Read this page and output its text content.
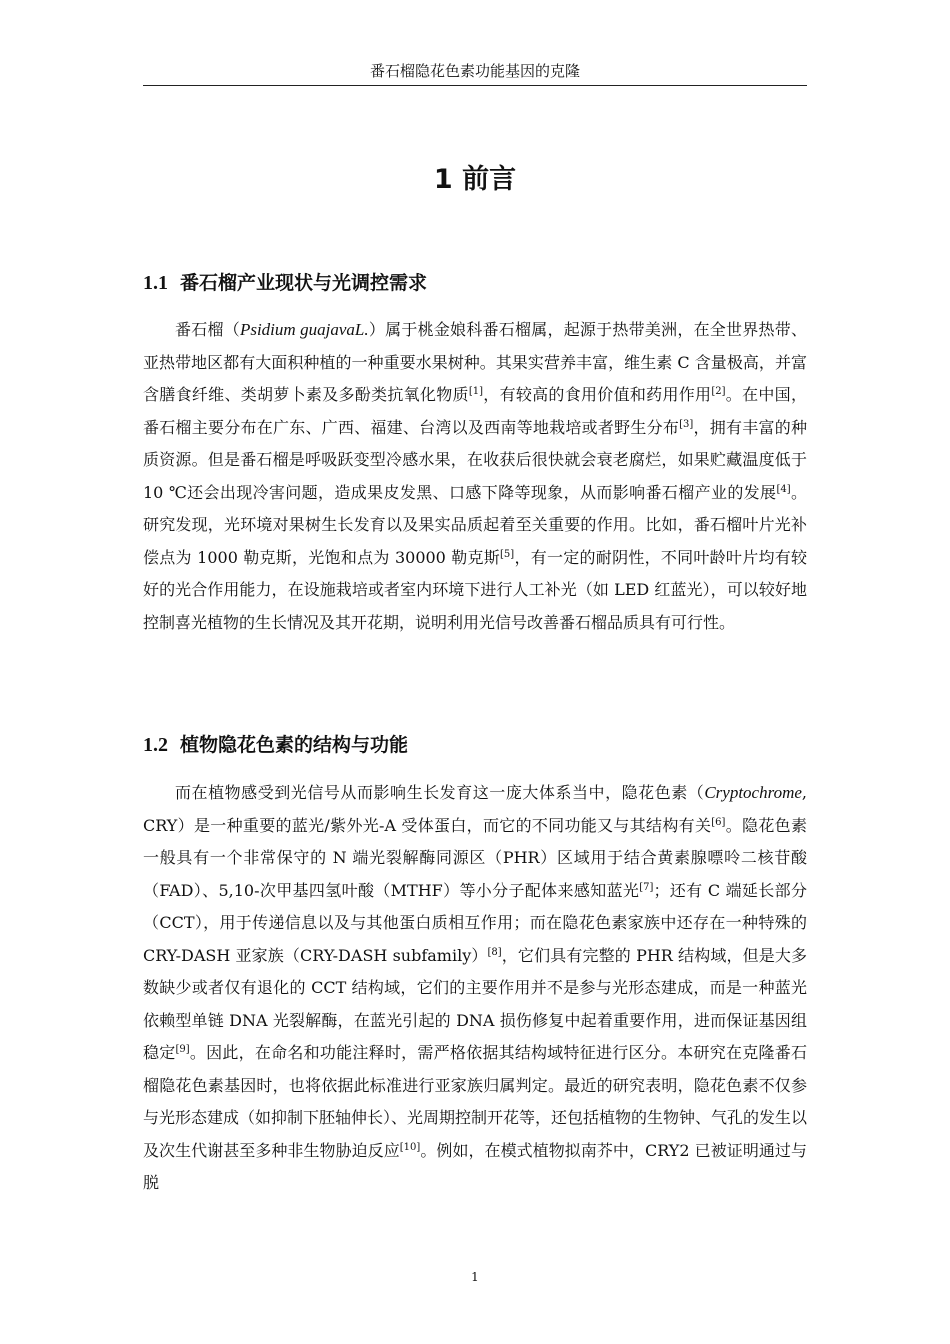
番石榴隐花色素功能基因的克隆
1 前言
1.1 番石榴产业现状与光调控需求

番石榴（Psidium guajavaL.）属于桃金娘科番石榴属，起源于热带美洲，在全世界热带、亚热带地区都有大面积种植的一种重要水果树种。其果实营养丰富，维生素 C 含量极高，并富含膳食纤维、类胡萝卜素及多酚类抗氧化物质[1]，有较高的食用价值和药用作用[2]。在中国，番石榴主要分布在广东、广西、福建、台湾以及西南等地栽培或者野生分布[3]，拥有丰富的种质资源。但是番石榴是呼吸跃变型冷感水果，在收获后很快就会衰老腐烂，如果贮藏温度低于 10 ℃还会出现冷害问题，造成果皮发黑、口感下降等现象，从而影响番石榴产业的发展[4]。研究发现，光环境对果树生长发育以及果实品质起着至关重要的作用。比如，番石榴叶片光补偿点为 1000 勒克斯，光饱和点为 30000 勒克斯[5]，有一定的耐阴性，不同叶龄叶片均有较好的光合作用能力，在设施栽培或者室内环境下进行人工补光（如 LED 红蓝光），可以较好地控制喜光植物的生长情况及其开花期，说明利用光信号改善番石榴品质具有可行性。

1.2 植物隐花色素的结构与功能

而在植物感受到光信号从而影响生长发育这一庞大体系当中，隐花色素（Cryptochrome, CRY）是一种重要的蓝光/紫外光-A 受体蛋白，而它的不同功能又与其结构有关[6]。隐花色素一般具有一个非常保守的 N 端光裂解酶同源区（PHR）区域用于结合黄素腺嘌呤二核苷酸（FAD）、5,10-次甲基四氢叶酸（MTHF）等小分子配体来感知蓝光[7]；还有 C 端延长部分（CCT），用于传递信息以及与其他蛋白质相互作用；而在隐花色素家族中还存在一种特殊的 CRY-DASH 亚家族（CRY-DASH subfamily）[8]，它们具有完整的 PHR 结构域，但是大多数缺少或者仅有退化的 CCT 结构域，它们的主要作用并不是参与光形态建成，而是一种蓝光依赖型单链 DNA 光裂解酶，在蓝光引起的 DNA 损伤修复中起着重要作用，进而保证基因组稳定[9]。因此，在命名和功能注释时，需严格依据其结构域特征进行区分。本研究在克隆番石榴隐花色素基因时，也将依据此标准进行亚家族归属判定。最近的研究表明，隐花色素不仅参与光形态建成（如抑制下胚轴伸长）、光周期控制开花等，还包括植物的生物钟、气孔的发生以及次生代谢甚至多种非生物胁迫反应[10]。例如，在模式植物拟南芥中，CRY2 已被证明通过与脱

1
